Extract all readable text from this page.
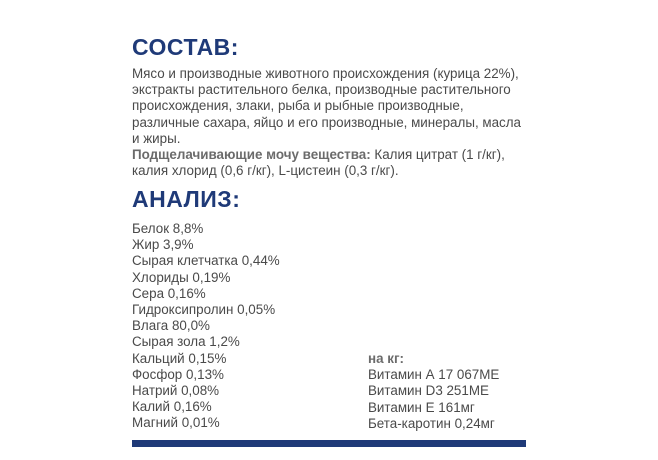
СОСТАВ:

Мясо и производные животного происхождения (курица 22%), экстракты растительного белка, производные растительного происхождения, злаки, рыба и рыбные производные, различные сахара, яйцо и его производные, минералы, масла и жиры.
Подщелачивающие мочу вещества: Калия цитрат (1 г/кг), калия хлорид (0,6 г/кг), L-цистеин (0,3 г/кг).

АНАЛИЗ:
Белок 8,8%
Жир 3,9%
Сырая клетчатка 0,44%
Хлориды 0,19%
Сера 0,16%
Гидроксипролин 0,05%
Влага 80,0%
Сырая зола 1,2%
Кальций 0,15%
Фосфор 0,13%
Натрий 0,08%
Калий 0,16%
Магний 0,01%
на кг:
Витамин А 17 067МЕ
Витамин D3 251МЕ
Витамин Е 161мг
Бета-каротин 0,24мг
